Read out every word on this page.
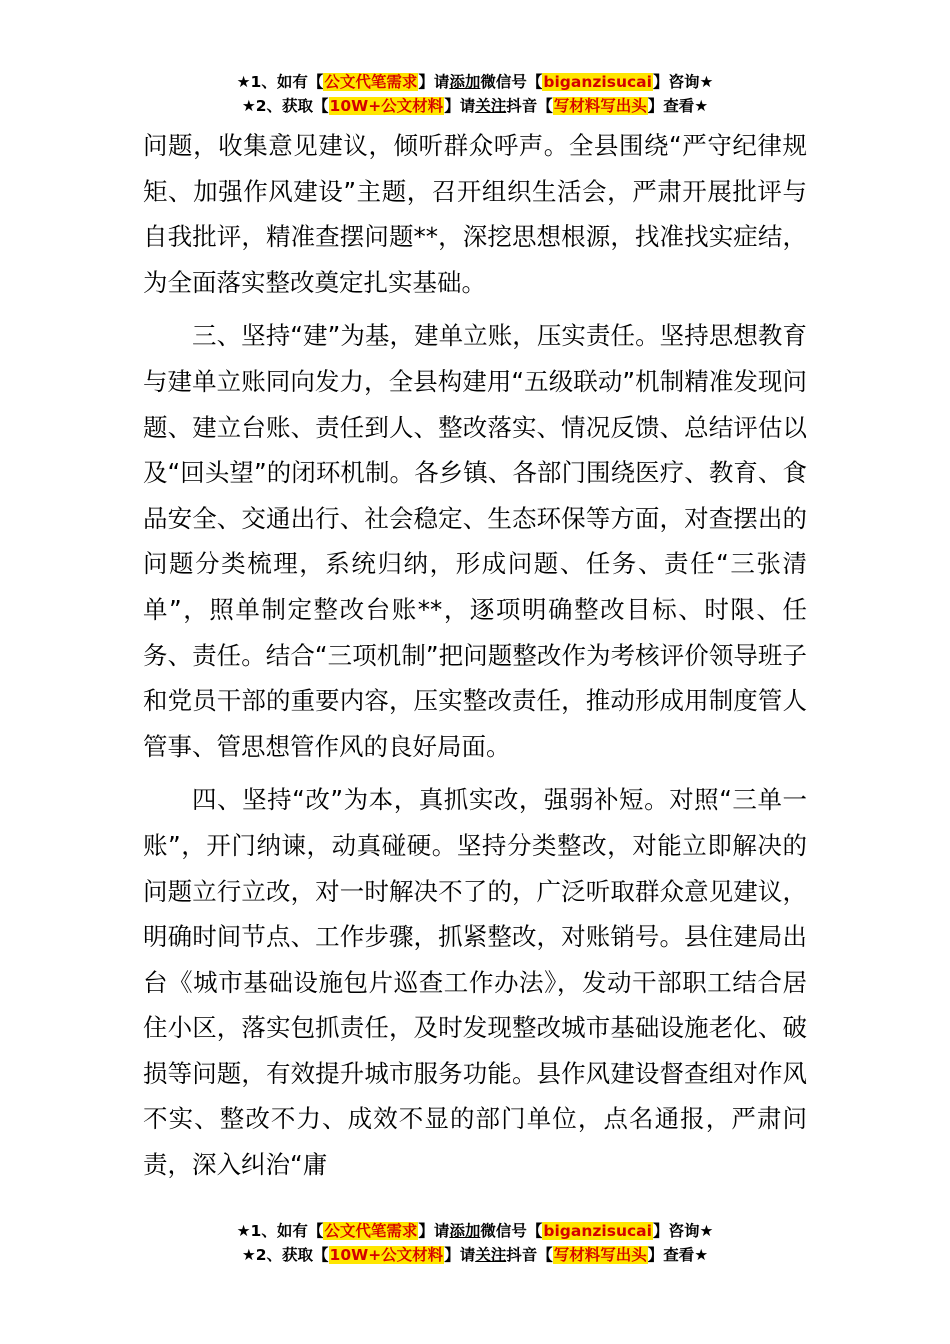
★1、如有【公文代笔需求】请添加微信号【biganzisucai】咨询★
★2、获取【10W+公文材料】请关注抖音【写材料写出头】查看★

问题，收集意见建议，倾听群众呼声。全县围绕“严守纪律规矩、加强作风建设”主题，召开组织生活会，严肃开展批评与自我批评，精准查摆问题**，深挖思想根源，找准找实症结，为全面落实整改奠定扎实基础。

三、坚持“建”为基，建单立账，压实责任。坚持思想教育与建单立账同向发力，全县构建用“五级联动”机制精准发现问题、建立台账、责任到人、整改落实、情况反馈、总结评估以及“回头望”的闭环机制。各乡镇、各部门围绕医疗、教育、食品安全、交通出行、社会稳定、生态环保等方面，对查摆出的问题分类梳理，系统归纳，形成问题、任务、责任“三张清单”，照单制定整改台账**，逐项明确整改目标、时限、任务、责任。结合“三项机制”把问题整改作为考核评价领导班子和党员干部的重要内容，压实整改责任，推动形成用制度管人管事、管思想管作风的良好局面。

四、坚持“改”为本，真抓实改，强弱补短。对照“三单一账”，开门纳谏，动真碰硬。坚持分类整改，对能立即解决的问题立行立改，对一时解决不了的，广泛听取群众意见建议，明确时间节点、工作步骤，抓紧整改，对账销号。县住建局出台《城市基础设施包片巡查工作办法》，发动干部职工结合居住小区，落实包抓责任，及时发现整改城市基础设施老化、破损等问题，有效提升城市服务功能。县作风建设督查组对作风不实、整改不力、成效不显的部门单位，点名通报，严肃问责，深入纠治“庸

★1、如有【公文代笔需求】请添加微信号【biganzisucai】咨询★
★2、获取【10W+公文材料】请关注抖音【写材料写出头】查看★
